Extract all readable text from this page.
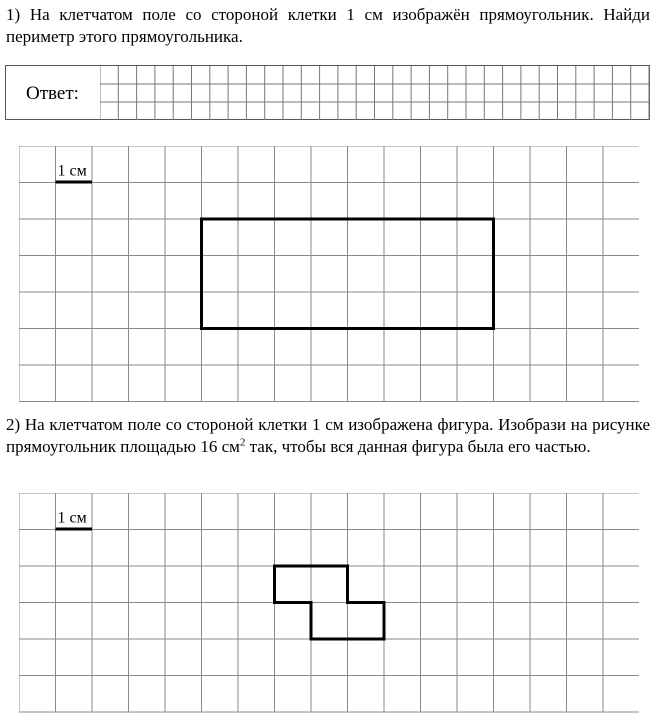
1) На клетчатом поле со стороной клетки 1 см изображён прямоугольник. Найди периметр этого прямоугольника.

Ответ:
1 см

2) На клетчатом поле со стороной клетки 1 см изображена фигура. Изобрази на рисунке прямоугольник площадью 16 $см^2$ так, чтобы вся данная фигура была его частью.

1 см
